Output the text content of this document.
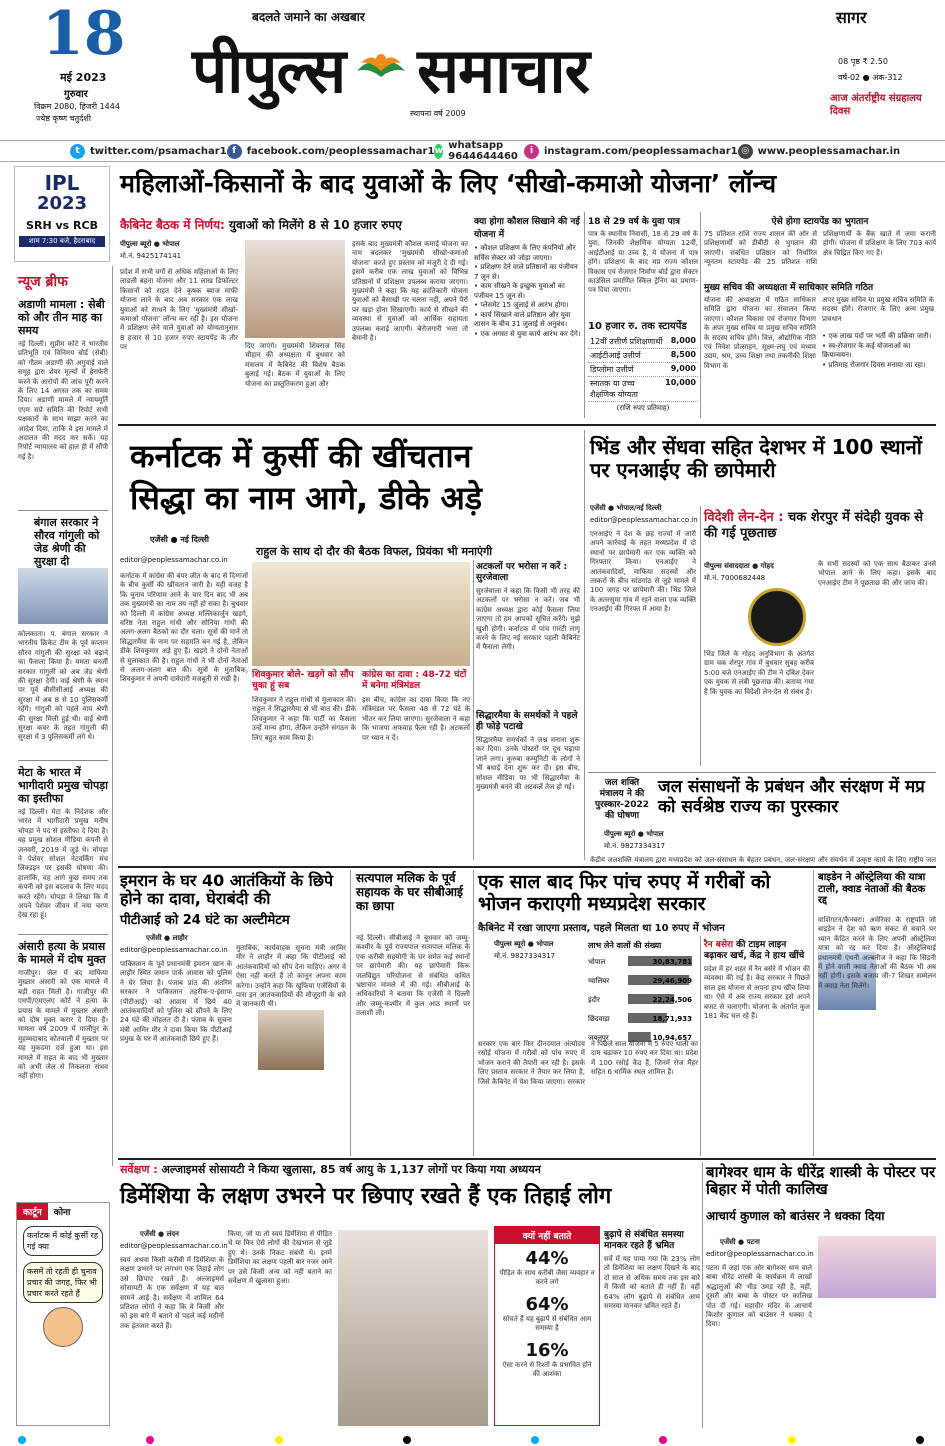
18
मई 2023
गुरुवार
विक्रम 2080, हिजरी 1444
ज्येष्ठ कृष्ण चतुर्दशी
बदलते जमाने का अखबार
पीपुल्स समाचार
स्थापना वर्ष 2009
सागर
08 पृष्ठ ₹ 2.50
वर्ष-02 ● अंक-312
आज अंतर्राष्ट्रीय संग्रहालय दिवस
t	twitter.com/psamachar1 f	facebook.com/peoplessamachar1 w whatsapp 9644644460	i	instagram.com/peoplessamachar1 ◎ www.peoplessamachar.in
IPL
2023
SRH vs RCB
शाम 7:30 बजे, हैदराबाद
महिलाओं-किसानों के बाद युवाओं के लिए ‘सीखो-कमाओ योजना’ लॉन्च
कैबिनेट बैठक में निर्णय: युवाओं को मिलेंगे 8 से 10 हजार रुपए
पीपुल्स ब्यूरो ● भोपाल
मो.नं. 9425174141
प्रदेश में सभी वर्गों से अधिक महिलाओं के लिए लाडली बहना योजना और 11 लाख डिफॉल्टर किसानों को राहत देने कृषक ब्याज माफी योजना लाने के बाद अब सरकार एक लाख युवाओं को साधने के लिए ‘मुख्यमंत्री सीखो-कमाओ योजना’ लॉन्च कर रही है। इस योजना में प्रशिक्षण लेने वाले युवाओं को योग्यतानुसार 8 हजार से 10 हजार रुपए स्टायपेंड के तौर पर	दिए जाएंगे। मुख्यमंत्री शिवराज सिंह चौहान की अध्यक्षता में बुधवार को मंत्रालय में कैबिनेट की विशेष बैठक बुलाई गई। बैठक में युवाओं के लिए योजना का प्रस्तुतिकरण हुआ और
इसके बाद मुख्यमंत्री कौशल कमाई योजना का नाम बदलकर ‘मुख्यमंत्री सीखो-कमाओ योजना’ करते हुए प्रस्ताव को मंजूरी दे दी गई। इसमें करीब एक लाख युवाओं को विभिन्न प्रतिष्ठानों में प्रशिक्षण उपलब्ध कराया जाएगा। मुख्यमंत्री ने कहा कि यह क्रांतिकारी योजना युवाओं को बैसाखी पर चलना नहीं, अपने पैरों पर खड़ा होना सिखाएगी। कार्य से सीखने की व्यवस्था से युवाओं को आर्थिक सहायता उपलब्ध कराई जाएगी। बेरोजगारी भत्ता तो बेमानी है।
क्या होगा कौशल सिखाने की नई योजना में
• कौशल प्रशिक्षण के लिए कंपनियों और सर्विस सेक्टर को जोड़ा जाएगा।
• प्रशिक्षण देने वाले प्रतिष्ठानों का पंजीयन 7 जून से।
• काम सीखने के इच्छुक युवाओं का पंजीयन 15 जून से।
• प्लेसमेंट 15 जुलाई से आरंभ होगा।
• कार्य सिखाने वाले प्रतिष्ठान और युवा शासन के बीच 31 जुलाई से अनुबंध।
• एक अगस्त से युवा कार्य आरंभ कर देंगे।
18 से 29 वर्ष के युवा पात्र
पात्र के स्थानीय निवासी, 18 से 29 वर्ष के युवा, जिनकी शैक्षणिक योग्यता 12वीं, आईटीआई या उच्च है, ये योजना में पात्र होंगे। प्रशिक्षण के बाद मप्र राज्य कौशल विकास एवं रोजगार निर्माण बोर्ड द्वारा सेक्टर काउंसिल प्रमाणित स्किल ट्रेनिंग का प्रमाण-पत्र दिया जाएगा।
10 हजार रु. तक स्टायपेंड
12वीं उत्तीर्ण प्रशिक्षणार्थी 8,000
आईटीआई उत्तीर्ण	8,500
डिप्लोमा उत्तीर्ण	9,000
स्नातक या उच्च शैक्षणिक योग्यता
10,000
(राशि रुपए प्रतिमाह)
ऐसे होगा स्टायपेंड का भुगतान
75 प्रतिशत राशि राज्य शासन की ओर से प्रशिक्षणार्थी को डीबीटी से भुगतान की जाएगी। संबंधित प्रतिष्ठान को निर्धारित न्यूनतम स्टायपेंड की 25 प्रतिशत राशि प्रशिक्षणार्थी के बैंक खाते में जमा करानी होगी। योजना में प्रशिक्षण के लिए 703 कार्य क्षेत्र चिह्नित किए गए हैं।
मुख्य सचिव की अध्यक्षता में साधिकार समिति गठित
योजना की अध्यक्षता में गठित साधिकार समिति द्वारा योजना का संचालन किया जाएगा। कौशल विकास एवं रोजगार विभाग के अपर मुख्य सचिव या प्रमुख सचिव समिति के सदस्य सचिव होंगे। वित्त, औद्योगिक नीति एवं निवेश प्रोत्साहन, सूक्ष्म-लघु एवं मध्यम उद्यम, श्रम, उच्च शिक्षा तथा तकनीकी शिक्षा विभाग के
अपर मुख्य सचिव या प्रमुख सचिव समिति के सदस्य होंगे। रोजगार के लिए अन्य प्रमुख प्रावधान
• एक लाख पदों पर भर्ती की प्रक्रिया जारी।
• स्व-रोजगार के कई योजनाओं का क्रियान्वयन।
• प्रतिमाह रोजगार दिवस मनाया जा रहा।
न्यूज ब्रीफ
अडाणी मामला : सेबी को और तीन माह का समय
नई दिल्ली। सुप्रीम कोर्ट ने भारतीय प्रतिभूति एवं विनिमय बोर्ड (सेबी) को गौतम अडाणी की अगुवाई वाले समूह द्वारा शेयर मूल्यों में हेराफेरी करने के आरोपों की जांच पूरी करने के लिए 14 अगस्त तक का समय दिया। अडाणी मामले में न्यायमूर्ति एएम सप्रे समिति की रिपोर्ट सभी पक्षकारों के साथ साझा करने का आदेश दिया, ताकि वे इस मामले में अदालत की मदद कर सकें। यह रिपोर्ट न्यायालय को हाल ही में सौंपी गई है।
बंगाल सरकार ने सौरव गांगुली को जेड श्रेणी की सुरक्षा दी
कोलकाता। प. बंगाल सरकार ने भारतीय क्रिकेट टीम के पूर्व कप्तान सौरव गांगुली की सुरक्षा को बढ़ाने का फैसला किया है। ममता बनर्जी सरकार गांगुली को अब जेड श्रेणी की सुरक्षा देगी। वाई श्रेणी के स्थान पर पूर्व बीसीसीआई अध्यक्ष की सुरक्षा में अब 8 से 10 पुलिसकर्मी रहेंगे। गांगुली को पहले वाय श्रेणी की सुरक्षा मिली हुई थी। वाई श्रेणी सुरक्षा कवर के तहत गांगुली की सुरक्षा में 3 पुलिसकर्मी लगे थे।
मेटा के भारत में भागीदारी प्रमुख चोपड़ा का इस्तीफा
नई दिल्ली। मेटा के निदेशक और भारत में भागीदारी प्रमुख मनीष चोपड़ा ने पद से इस्तीफा दे दिया है। वह प्रमुख सोशल मीडिया कंपनी से जनवरी, 2019 में जुड़े थे। चोपड़ा ने पेशेवर सोशल नेटवर्किंग मंच लिंक्डइन पर इसकी घोषणा की। हालांकि, वह आगे कुछ समय तक कंपनी को इस बदलाव के लिए मदद करते रहेंगे। चोपड़ा ने लिखा कि मैं अपने पेशेवर जीवन में नया चरण देख रहा हूं।
अंसारी हत्या के प्रयास के मामले में दोष मुक्त
गाजीपुर। जेल में बंद माफिया मुख्तार अंसारी को एक मामले में बड़ी राहत मिली है। गाजीपुर की एमपी/एमएलए कोर्ट ने हत्या के प्रयास के मामले में मुख्तार अंसारी को दोष मुक्त करार दे दिया है। मामला वर्ष 2009 में गाजीपुर के मुहम्मदाबाद कोतवाली में मुख्तार पर यह मुकदमा दर्ज हुआ था। इस मामले में राहत के बाद भी मुख्तार को अभी जेल से निकलना संभव नहीं होगा।
कर्नाटक में कुर्सी की खींचतान
सिद्धा का नाम आगे, डीके अड़े
एजेंसी ● नई दिल्ली
editor@peoplessamachar.co.in
राहुल के साथ दो दौर की बैठक विफल, प्रियंका भी मनाएंगी
कर्नाटक में कांग्रेस की बंपर जीत के बाद से दिग्गजों के बीच कुर्सी की खींचतान जारी है। यही वजह है कि चुनाव परिणाम आने के चार दिन बाद भी अब तक मुख्यमंत्री का नाम तय नहीं हो सका है। बुधवार को दिल्ली में कांग्रेस अध्यक्ष मल्लिकार्जुन खड़गे, वरिष्ठ नेता राहुल गांधी और सोनिया गांधी की अलग-अलग बैठकों का दौर चला। सूत्रों की मानें तो सिद्धारमैया के नाम पर सहमति बन गई है, लेकिन डीके शिवकुमार अड़े हुए हैं। खड़गे ने दोनों नेताओं से मुलाकात की है। राहुल गांधी ने भी दोनों नेताओं से अलग-अलग बात की। सूत्रों के मुताबिक, शिवकुमार ने अपनी दावेदारी मजबूती से रखी है।	शिवकुमार बोले- खड़गे को सौंप चुका हूं सब
शिवकुमार ने राहुल गांधी से मुलाकात की। राहुल ने सिद्धारमैया से भी बात की। डीके शिवकुमार ने कहा कि पार्टी का फैसला उन्हें मान्य होगा, लेकिन उन्होंने संगठन के लिए बहुत काम किया है।
कांग्रेस का दावा : 48-72 घंटों में बनेगा मंत्रिमंडल
इस बीच, कांग्रेस का दावा किया कि नए मंत्रिमंडल पर फैसला 48 से 72 घंटे के भीतर कर लिया जाएगा। सुरजेवाला ने कहा कि भाजपा अफवाह फैला रही है। अटकलों पर ध्यान न दें।
अटकलों पर भरोसा न करें : सुरजेवाला
सुरजेवाला ने कहा कि किसी भी तरह की अटकलों पर भरोसा न करें। जब भी कांग्रेस अध्यक्ष द्वारा कोई फैसला लिया जाएगा तो हम आपको सूचित करेंगे। मुझे खुशी होगी। कर्नाटक में पांच गारंटी लागू करने के लिए नई सरकार पहली कैबिनेट में फैसला लेगी।
सिद्धारमैया के समर्थकों ने पहले ही फोड़े पटाखे
सिद्धारमैया समर्थकों ने जश्न मनाना शुरू कर दिया। उनके पोस्टरों पर दूध चढ़ाया जाने लगा। कुरुबा कम्युनिटी के लोगों ने भी बधाई देना शुरू कर दी। इस बीच, सोशल मीडिया पर भी सिद्धारमैया के मुख्यमंत्री बनने की अटकलें तेज हो गईं।
भिंड और सेंधवा सहित देशभर में 100 स्थानों पर एनआईए की छापेमारी
एजेंसी ● भोपाल/नई दिल्ली
editor@peoplessamachar.co.in
एनआईए ने देश के छह राज्यों में जारी अपने कार्रवाई के तहत मध्यप्रदेश में दो स्थानों पर छापेमारी कर एक व्यक्ति को गिरफ्तार किया। एनआईए ने आतंकवादियों, माफिया सदस्यों और तस्करों के बीच सांठगांठ से जुड़े मामले में 100 जगह पर छापेमारी की। भिंड जिले के अतरसुमा गांव में रहने वाला एक व्यक्ति एनआईए की गिरफ्त में आया है।
विदेशी लेन-देन : चक शेरपुर में संदेही युवक से की गई पूछताछ
पीपुल्स संवाददाता ● गोहद
मो.नं. 7000682448
भिंड जिले के गोहद अनुविभाग के अंतर्गत ग्राम चक शेरपुर गांव में बुधवार सुबह करीब 5:00 बजे एनआईए की टीम ने दबिश देकर एक युवक से लंबी पूछताछ की। बताया गया है कि युवक का विदेशी लेन-देन से संबंध है।
के सभी सदस्यों को एक साथ बैठाकर उनसे भोपाल आने के लिए कहा। इसके बाद एनआईए टीम ने पूछताछ की और जांच की।
जल शक्ति मंत्रालय ने की पुरस्कार-2022 की घोषणा
जल संसाधनों के प्रबंधन और संरक्षण में मप्र को सर्वश्रेष्ठ राज्य का पुरस्कार
पीपुल्स ब्यूरो ● भोपाल
मो.नं. 9827334317
केंद्रीय जलशक्ति मंत्रालय द्वारा मध्यप्रदेश को जल-संसाधन के बेहतर प्रबंधन, जल-संरक्षण और संवर्धन में उत्कृष्ट कार्य के लिए राष्ट्रीय जल
इमरान के घर 40 आतंकियों के छिपे होने का दावा, घेराबंदी की
पीटीआई को 24 घंटे का अल्टीमेटम
एजेंसी ● लाहौर
editor@peoplessamachar.co.in
पाकिस्तान के पूर्व प्रधानमंत्री इमरान खान के लाहौर स्थित जमान पार्क आवास को पुलिस ने घेर लिया है। पंजाब प्रांत की अंतरिम सरकार ने पाकिस्तान तहरीक-ए-इंसाफ (पीटीआई) को आवास में छिपे 40 आतंकवादियों को पुलिस को सौंपने के लिए 24 घंटे की मोहलत दी है। पंजाब के सूचना मंत्री आमिर मीर ने दावा किया कि पीटीआई प्रमुख के घर में आतंकवादी छिपे हुए हैं।
मुताबिक, कार्यवाहक सूचना मंत्री आमिर मीर ने लाहौर में कहा कि पीटीआई को आतंकवादियों को सौंप देना चाहिए। अगर वे ऐसा नहीं करते हैं तो कानून अपना काम करेगा। उन्होंने कहा कि खुफिया एजेंसियों के पास इन आतंकवादियों की मौजूदगी के बारे में जानकारी थी।
सत्यपाल मलिक के पूर्व सहायक के घर सीबीआई का छापा
नई दिल्ली। सीबीआई ने बुधवार को जम्मू-कश्मीर के पूर्व राज्यपाल सत्यपाल मलिक के एक करीबी सहयोगी के घर समेत कई स्थानों पर छापेमारी की। यह छापेमारी किरू जलविद्युत परियोजना से संबंधित कथित भ्रष्टाचार मामले में की गई। सीबीआई के अधिकारियों ने बताया कि एजेंसी ने दिल्ली और जम्मू-कश्मीर में कुल आठ स्थानों पर तलाशी ली।
एक साल बाद फिर पांच रुपए में गरीबों को भोजन कराएगी मध्यप्रदेश सरकार
कैबिनेट में रखा जाएगा प्रस्ताव, पहले मिलता था 10 रुपए में भोजन
पीपुल्स ब्यूरो ● भोपाल
मो.नं. 9827334317
लाभ लेने वालों की संख्या
भोपाल	30,83,781
ग्वालियर	29,46,909
इंदौर	22,24,506
छिंदवाड़ा	18,71,933
जबलपुर	10,94,657
सरकार एक बार फिर दीनदयाल अंत्योदय रसोई योजना में गरीबों को पांच रुपए में भोजन कराने की तैयारी कर रही है। इसके लिए प्रस्ताव सरकार ने तैयार कर लिया है, जिसे कैबिनेट में पेश किया जाएगा। सरकार ने पिछले साल योजना में 5 रुपए थाली का दाम बढ़ाकर 10 रुपए कर दिया था। प्रदेश में 100 रसोई केंद्र हैं, जिनमें रोज मैंहर सहित 6 धार्मिक स्थल शामिल हैं।
रैन बसेरा की टाइम लाइन बढ़ाकर खर्च, केंद्र ने हाथ खींचे
प्रदेश में हर शहर में रैन बसेरे में भोजन की व्यवस्था की गई है। केंद्र सरकार ने पिछले साल इस योजना से अपना हाथ खींच लिया था। ऐसे में अब राज्य सरकार इसे अपने बजट से चलाएगी। योजना के अंतर्गत कुल 181 केंद्र चल रहे हैं।
बाइडेन ने ऑस्ट्रेलिया की यात्रा टाली, क्वाड नेताओं की बैठक रद्द
वाशिंगटन/कैनबरा। अमेरिका के राष्ट्रपति जो बाइडेन ने देश को ऋण संकट से बचाने पर ध्यान केंद्रित करने के लिए अपनी ऑस्ट्रेलिया यात्रा को रद्द कर दिया है। ऑस्ट्रेलियाई प्रधानमंत्री एंथनी अल्बनीज ने कहा कि सिडनी में होने वाली क्वाड नेताओं की बैठक भी अब नहीं होगी। इसके बजाय जी-7 शिखर सम्मेलन में क्वाड नेता मिलेंगे।
सर्वेक्षण : अल्जाइमर्स सोसायटी ने किया खुलासा, 85 वर्ष आयु के 1,137 लोगों पर किया गया अध्ययन
डिमेंशिया के लक्षण उभरने पर छिपाए रखते हैं एक तिहाई लोग
एजेंसी ● लंदन
editor@peoplessamachar.co.in
स्वयं अथवा किसी करीबी में डिमेंशिया के लक्षण उभरने पर लगभग एक तिहाई लोग उसे छिपाए रखते हैं। अल्जाइमर्स सोसायटी के एक सर्वेक्षण में यह बात सामने आई है। सर्वेक्षण में शामिल 64 प्रतिशत लोगों ने कहा कि वे किसी और को इस बारे में बताने से पहले कई महीनों तक इंतजार करते हैं।
किया, जो या तो स्वयं डिमेंशिया से पीड़ित थे या फिर ऐसे लोगों की देखभाल से जुड़े हुए थे। उनके निकट संबंधी थे। इनमें डिमेंशिया का लक्षण पहली बार नजर आने पर उसे किसी अन्य को नहीं बताने का सर्वेक्षण में खुलासा हुआ।
क्यों नहीं बताते
44%
पीड़ित के साथ करीबी जैसा व्यवहार न करने लगे
64%
सोचते हैं यह बुढ़ापे से संबंधित आम समस्या है
16%
ऐसा करने से रिश्तों के प्रभावित होने की आशंका
बुढ़ापे से संबंधित समस्या मानकर रहते हैं भ्रमित
सर्वे में यह पाया गया कि 23% लोग तो डिमेंशिया का लक्षण दिखने के बाद दो साल से अधिक समय तक इस बारे में किसी को बताते ही नहीं हैं। वहीं 64% लोग बुढ़ापे से संबंधित आम समस्या मानकर भ्रमित रहते हैं।
बागेश्वर धाम के धीरेंद्र शास्त्री के पोस्टर पर बिहार में पोती कालिख
आचार्य कुणाल को बाउंसर ने धक्का दिया
एजेंसी ● पटना
editor@peoplessamachar.co.in
पटना में जहां एक ओर बागेश्वर धाम वाले बाबा धीरेंद्र शास्त्री के कार्यक्रम में लाखों श्रद्धालुओं की भीड़ उमड़ रही है, वहीं, दूसरी ओर बाबा के पोस्टर पर कालिख पोत दी गई। महावीर मंदिर के आचार्य किशोर कुणाल को बाउंसर ने धक्का दे दिया।
कार्टून	कोना
कर्नाटक में कोई कुर्सी रह गई क्या
कसमें तो रहती ही चुनाव प्रचार की जगह, फिर भी प्रचार करते रहते हैं
